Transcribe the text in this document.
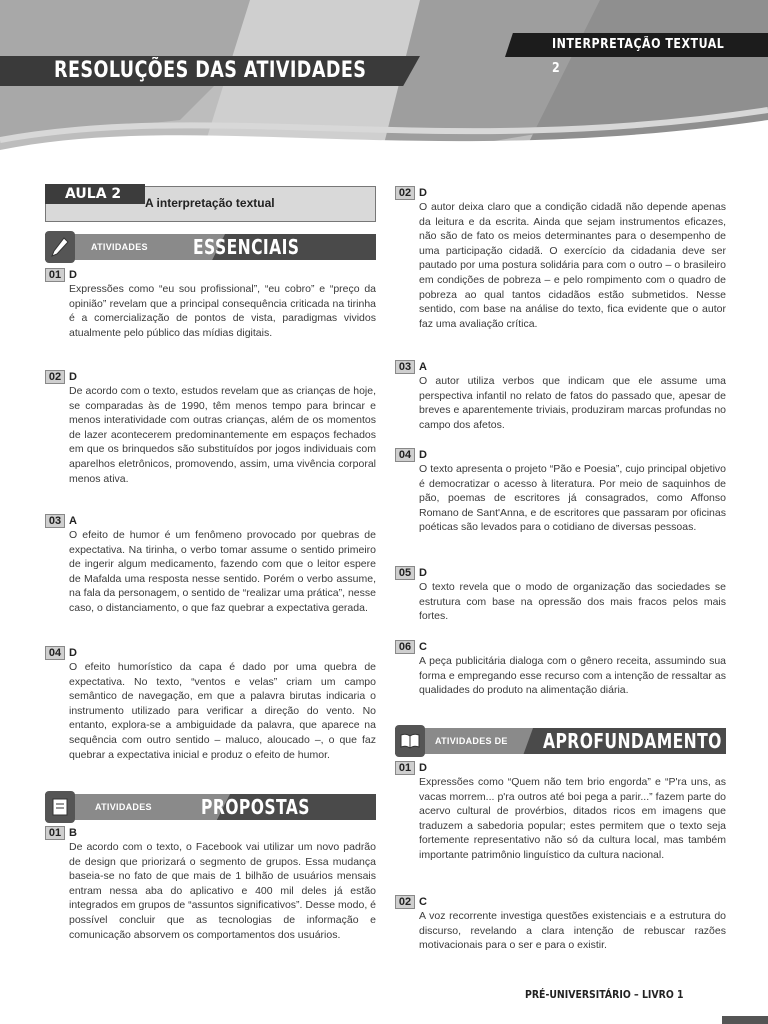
RESOLUÇÕES DAS ATIVIDADES
INTERPRETAÇÃO TEXTUAL 2
AULA 2
A interpretação textual
ATIVIDADES ESSENCIAIS
01 D
Expressões como “eu sou profissional”, “eu cobro” e “preço da opinião” revelam que a principal consequência criticada na tirinha é a comercialização de pontos de vista, paradigmas vividos atualmente pelo público das mídias digitais.
02 D
De acordo com o texto, estudos revelam que as crianças de hoje, se comparadas às de 1990, têm menos tempo para brincar e menos interatividade com outras crianças, além de os momentos de lazer acontecerem predominantemente em espaços fechados em que os brinquedos são substituídos por jogos individuais com aparelhos eletrônicos, promovendo, assim, uma vivência corporal menos ativa.
03 A
O efeito de humor é um fenômeno provocado por quebras de expectativa. Na tirinha, o verbo tomar assume o sentido primeiro de ingerir algum medicamento, fazendo com que o leitor espere de Mafalda uma resposta nesse sentido. Porém o verbo assume, na fala da personagem, o sentido de “realizar uma prática”, nesse caso, o distanciamento, o que faz quebrar a expectativa gerada.
04 D
O efeito humorístico da capa é dado por uma quebra de expectativa. No texto, “ventos e velas” criam um campo semântico de navegação, em que a palavra birutas indicaria o instrumento utilizado para verificar a direção do vento. No entanto, explora-se a ambiguidade da palavra, que aparece na sequência com outro sentido – maluco, aloucado –, o que faz quebrar a expectativa inicial e produz o efeito de humor.
ATIVIDADES PROPOSTAS
01 B
De acordo com o texto, o Facebook vai utilizar um novo padrão de design que priorizará o segmento de grupos. Essa mudança baseia-se no fato de que mais de 1 bilhão de usuários mensais entram nessa aba do aplicativo e 400 mil deles já estão integrados em grupos de “assuntos significativos”. Desse modo, é possível concluir que as tecnologias de informação e comunicação absorvem os comportamentos dos usuários.
02 D
O autor deixa claro que a condição cidadã não depende apenas da leitura e da escrita. Ainda que sejam instrumentos eficazes, não são de fato os meios determinantes para o desempenho de uma participação cidadã. O exercício da cidadania deve ser pautado por uma postura solidária para com o outro – o brasileiro em condições de pobreza – e pelo rompimento com o quadro de pobreza ao qual tantos cidadãos estão submetidos. Nesse sentido, com base na análise do texto, fica evidente que o autor faz uma avaliação crítica.
03 A
O autor utiliza verbos que indicam que ele assume uma perspectiva infantil no relato de fatos do passado que, apesar de breves e aparentemente triviais, produziram marcas profundas no campo dos afetos.
04 D
O texto apresenta o projeto “Pão e Poesia”, cujo principal objetivo é democratizar o acesso à literatura. Por meio de saquinhos de pão, poemas de escritores já consagrados, como Affonso Romano de Sant'Anna, e de escritores que passaram por oficinas poéticas são levados para o cotidiano de diversas pessoas.
05 D
O texto revela que o modo de organização das sociedades se estrutura com base na opressão dos mais fracos pelos mais fortes.
06 C
A peça publicitária dialoga com o gênero receita, assumindo sua forma e empregando esse recurso com a intenção de ressaltar as qualidades do produto na alimentação diária.
ATIVIDADES DE APROFUNDAMENTO
01 D
Expressões como “Quem não tem brio engorda” e “P'ra uns, as vacas morrem... p'ra outros até boi pega a parir...” fazem parte do acervo cultural de provérbios, ditados ricos em imagens que traduzem a sabedoria popular; estes permitem que o texto seja fortemente representativo não só da cultura local, mas também importante patrimônio linguístico da cultura nacional.
02 C
A voz recorrente investiga questões existenciais e a estrutura do discurso, revelando a clara intenção de rebuscar razões motivacionais para o ser e para o existir.
PRÉ-UNIVERSITÁRIO – LIVRO 1
